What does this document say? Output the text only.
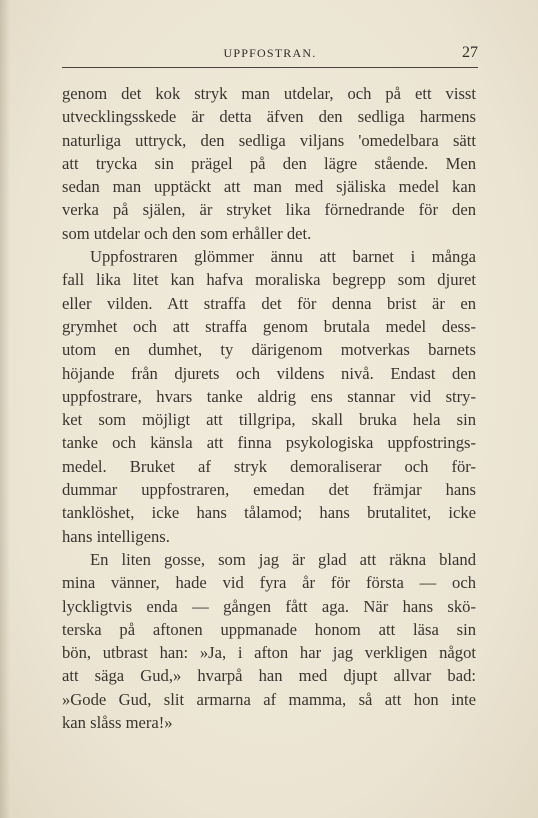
UPPFOSTRAN.	27
genom det kok stryk man utdelar, och på ett visst
utvecklingsskede är detta äfven den sedliga harmens
naturliga uttryck, den sedliga viljans 'omedelbara sätt
att trycka sin prägel på den lägre stående. Men
sedan man upptäckt att man med själiska medel kan
verka på själen, är stryket lika förnedrande för den
som utdelar och den som erhåller det.
Uppfostraren glömmer ännu att barnet i många
fall lika litet kan hafva moraliska begrepp som djuret
eller vilden. Att straffa det för denna brist är en
grymhet och att straffa genom brutala medel dess-
utom en dumhet, ty därigenom motverkas barnets
höjande från djurets och vildens nivå. Endast den
uppfostrare, hvars tanke aldrig ens stannar vid stry-
ket som möjligt att tillgripa, skall bruka hela sin
tanke och känsla att finna psykologiska uppfostrings-
medel. Bruket af stryk demoraliserar och för-
dummar uppfostraren, emedan det främjar hans
tanklöshet, icke hans tålamod; hans brutalitet, icke
hans intelligens.
En liten gosse, som jag är glad att räkna bland
mina vänner, hade vid fyra år för första — och
lyckligtvis enda — gången fått aga. När hans skö-
terska på aftonen uppmanade honom att läsa sin
bön, utbrast han: »Ja, i afton har jag verkligen något
att säga Gud,» hvarpå han med djupt allvar bad:
»Gode Gud, slit armarna af mamma, så att hon inte
kan slåss mera!»
